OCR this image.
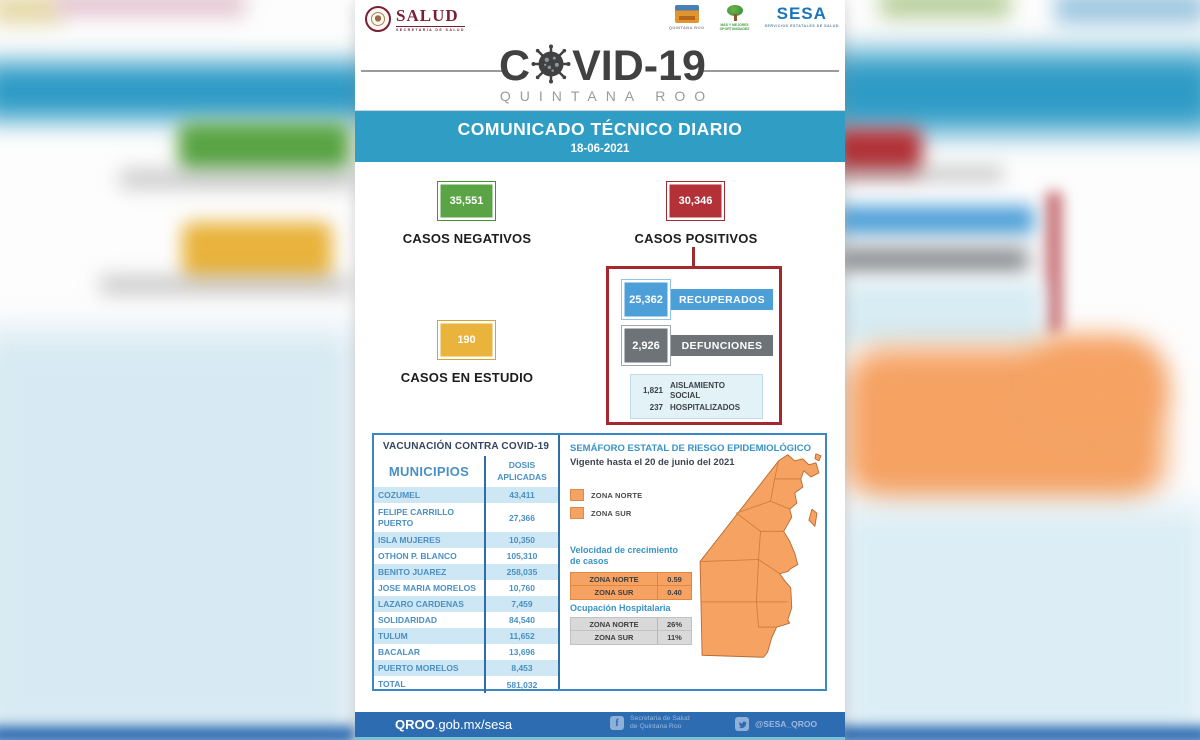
SALUD
SECRETARÍA DE SALUD	QUINTANA ROO	MÁS Y MEJORES OPORTUNIDADES
SESA
SERVICIOS ESTATALES DE SALUD
C VID-19
QUINTANA ROO
COMUNICADO TÉCNICO DIARIO
18-06-2021
35,551
CASOS NEGATIVOS
30,346
CASOS POSITIVOS
190
CASOS EN ESTUDIO
25,362	RECUPERADOS
2,926	DEFUNCIONES
1,821
AISLAMIENTO SOCIAL
237 HOSPITALIZADOS
VACUNACIÓN CONTRA COVID-19
MUNICIPIOS	DOSIS APLICADAS
COZUMEL	43,411
FELIPE CARRILLO PUERTO	27,366
ISLA MUJERES	10,350
OTHON P. BLANCO	105,310
BENITO JUAREZ	258,035
JOSE MARIA MORELOS	10,760
LAZARO CARDENAS	7,459
SOLIDARIDAD	84,540
TULUM	11,652
BACALAR	13,696
PUERTO MORELOS	8,453
TOTAL	581,032
SEMÁFORO ESTATAL DE RIESGO EPIDEMIOLÓGICO
Vigente hasta el 20 de junio del 2021
ZONA NORTE
ZONA SUR
Velocidad de crecimiento de casos
ZONA NORTE	0.59
ZONA SUR	0.40
Ocupación Hospitalaria
ZONA NORTE	26%
ZONA SUR	11%
QROO.gob.mx/sesa	f Secretaria de Salud
de Quintana Roo	@SESA_QROO
